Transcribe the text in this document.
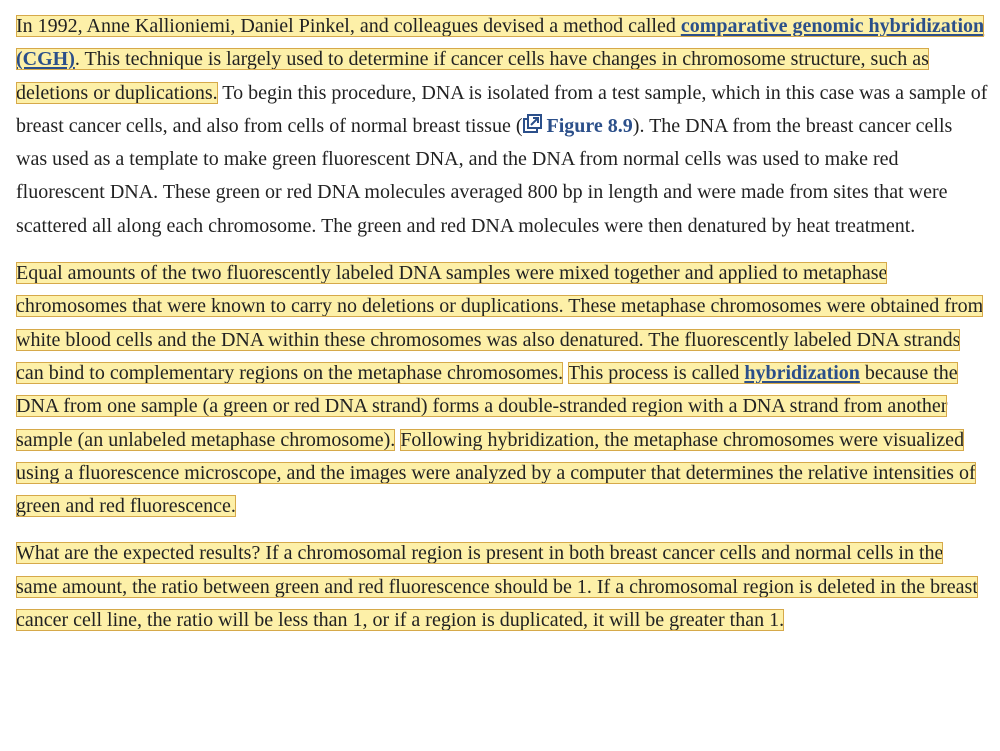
In 1992, Anne Kallioniemi, Daniel Pinkel, and colleagues devised a method called comparative genomic hybridization (CGH). This technique is largely used to determine if cancer cells have changes in chromosome structure, such as deletions or duplications. To begin this procedure, DNA is isolated from a test sample, which in this case was a sample of breast cancer cells, and also from cells of normal breast tissue ( Figure 8.9). The DNA from the breast cancer cells was used as a template to make green fluorescent DNA, and the DNA from normal cells was used to make red fluorescent DNA. These green or red DNA molecules averaged 800 bp in length and were made from sites that were scattered all along each chromosome. The green and red DNA molecules were then denatured by heat treatment.

Equal amounts of the two fluorescently labeled DNA samples were mixed together and applied to metaphase chromosomes that were known to carry no deletions or duplications. These metaphase chromosomes were obtained from white blood cells and the DNA within these chromosomes was also denatured. The fluorescently labeled DNA strands can bind to complementary regions on the metaphase chromosomes. This process is called hybridization because the DNA from one sample (a green or red DNA strand) forms a double-stranded region with a DNA strand from another sample (an unlabeled metaphase chromosome). Following hybridization, the metaphase chromosomes were visualized using a fluorescence microscope, and the images were analyzed by a computer that determines the relative intensities of green and red fluorescence.

What are the expected results? If a chromosomal region is present in both breast cancer cells and normal cells in the same amount, the ratio between green and red fluorescence should be 1. If a chromosomal region is deleted in the breast cancer cell line, the ratio will be less than 1, or if a region is duplicated, it will be greater than 1.
